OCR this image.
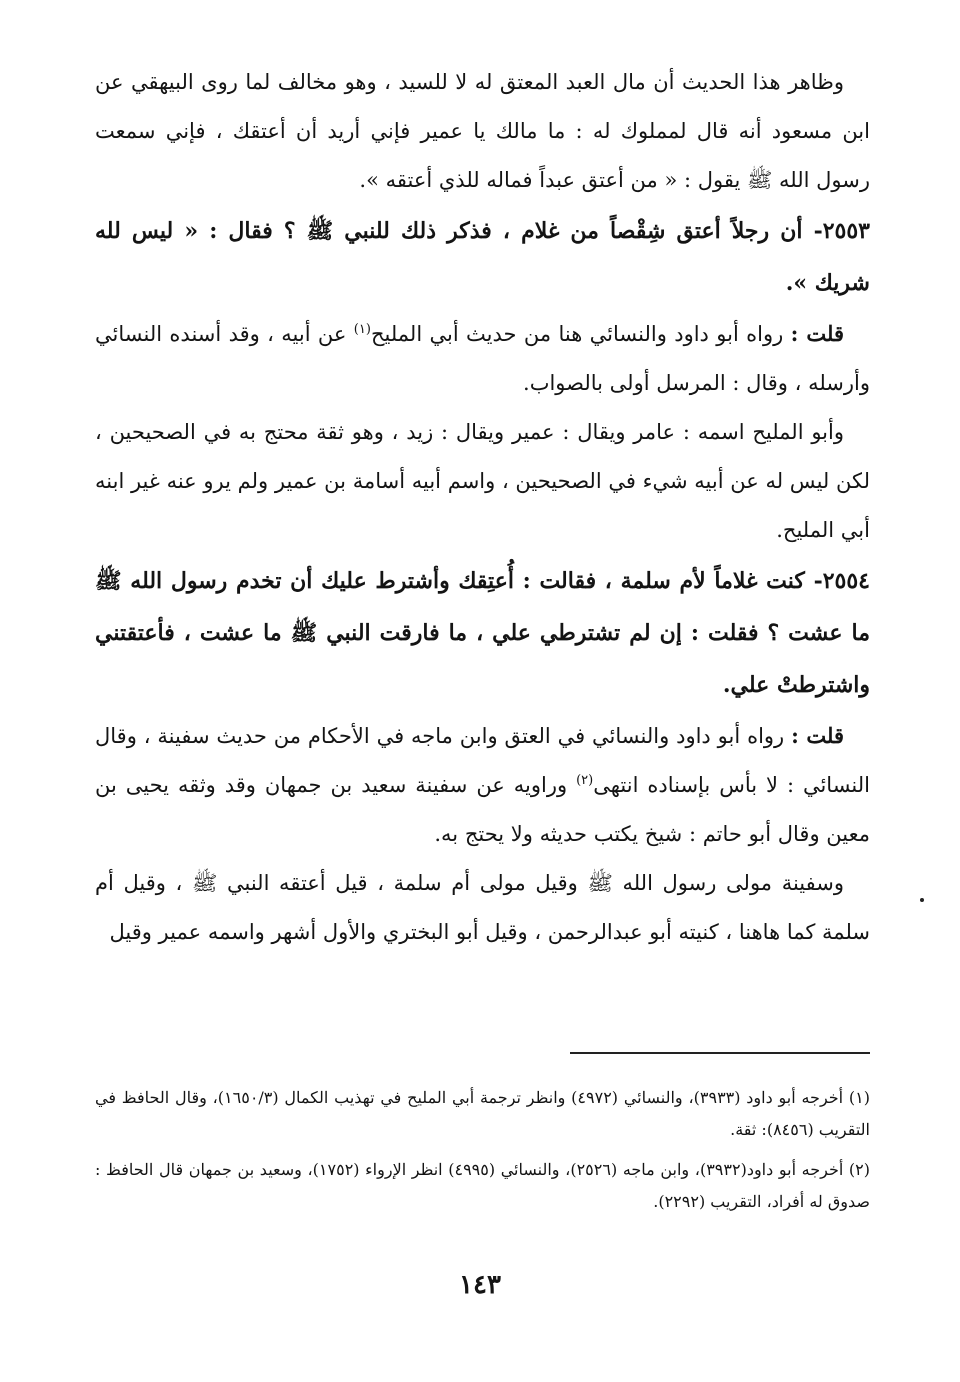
وظاهر هذا الحديث أن مال العبد المعتق له لا للسيد ، وهو مخالف لما روى البيهقي عن ابن مسعود أنه قال لمملوك له : ما مالك يا عمير فإني أريد أن أعتقك ، فإني سمعت رسول الله ﷺ يقول : « من أعتق عبداً فماله للذي أعتقه ».

٢٥٥٣- أن رجلاً أعتق شِقْصاً من غلام ، فذكر ذلك للنبي ﷺ ؟ فقال : « ليس لله شريك ».

قلت : رواه أبو داود والنسائي هنا من حديث أبي المليح$^{(١)}$ عن أبيه ، وقد أسنده النسائي وأرسله ، وقال : المرسل أولى بالصواب.

وأبو المليح اسمه : عامر ويقال : عمير ويقال : زيد ، وهو ثقة محتج به في الصحيحين ، لكن ليس له عن أبيه شيء في الصحيحين ، واسم أبيه أسامة بن عمير ولم يرو عنه غير ابنه أبي المليح.

٢٥٥٤- كنت غلاماً لأم سلمة ، فقالت : أُعتِقك وأشترط عليك أن تخدم رسول الله ﷺ ما عشت ؟ فقلت : إن لم تشترطي علي ، ما فارقت النبي ﷺ ما عشت ، فأعتقتني واشترطتْ علي.

قلت : رواه أبو داود والنسائي في العتق وابن ماجه في الأحكام من حديث سفينة ، وقال النسائي : لا بأس بإسناده انتهى$^{(٢)}$ وراويه عن سفينة سعيد بن جمهان وقد وثقه يحيى بن معين وقال أبو حاتم : شيخ يكتب حديثه ولا يحتج به.

وسفينة مولى رسول الله ﷺ وقيل مولى أم سلمة ، قيل أعتقه النبي ﷺ ، وقيل أم سلمة كما هاهنا ، كنيته أبو عبدالرحمن ، وقيل أبو البختري والأول أشهر واسمه عمير وقيل

(١) أخرجه أبو داود (٣٩٣٣)، والنسائي (٤٩٧٢) وانظر ترجمة أبي المليح في تهذيب الكمال (١٦٥٠/٣)، وقال الحافظ في التقريب (٨٤٥٦): ثقة.

(٢) أخرجه أبو داود(٣٩٣٢)، وابن ماجه (٢٥٢٦)، والنسائي (٤٩٩٥) انظر الإرواء (١٧٥٢)، وسعيد بن جمهان قال الحافظ : صدوق له أفراد، التقريب (٢٢٩٢).

١٤٣
